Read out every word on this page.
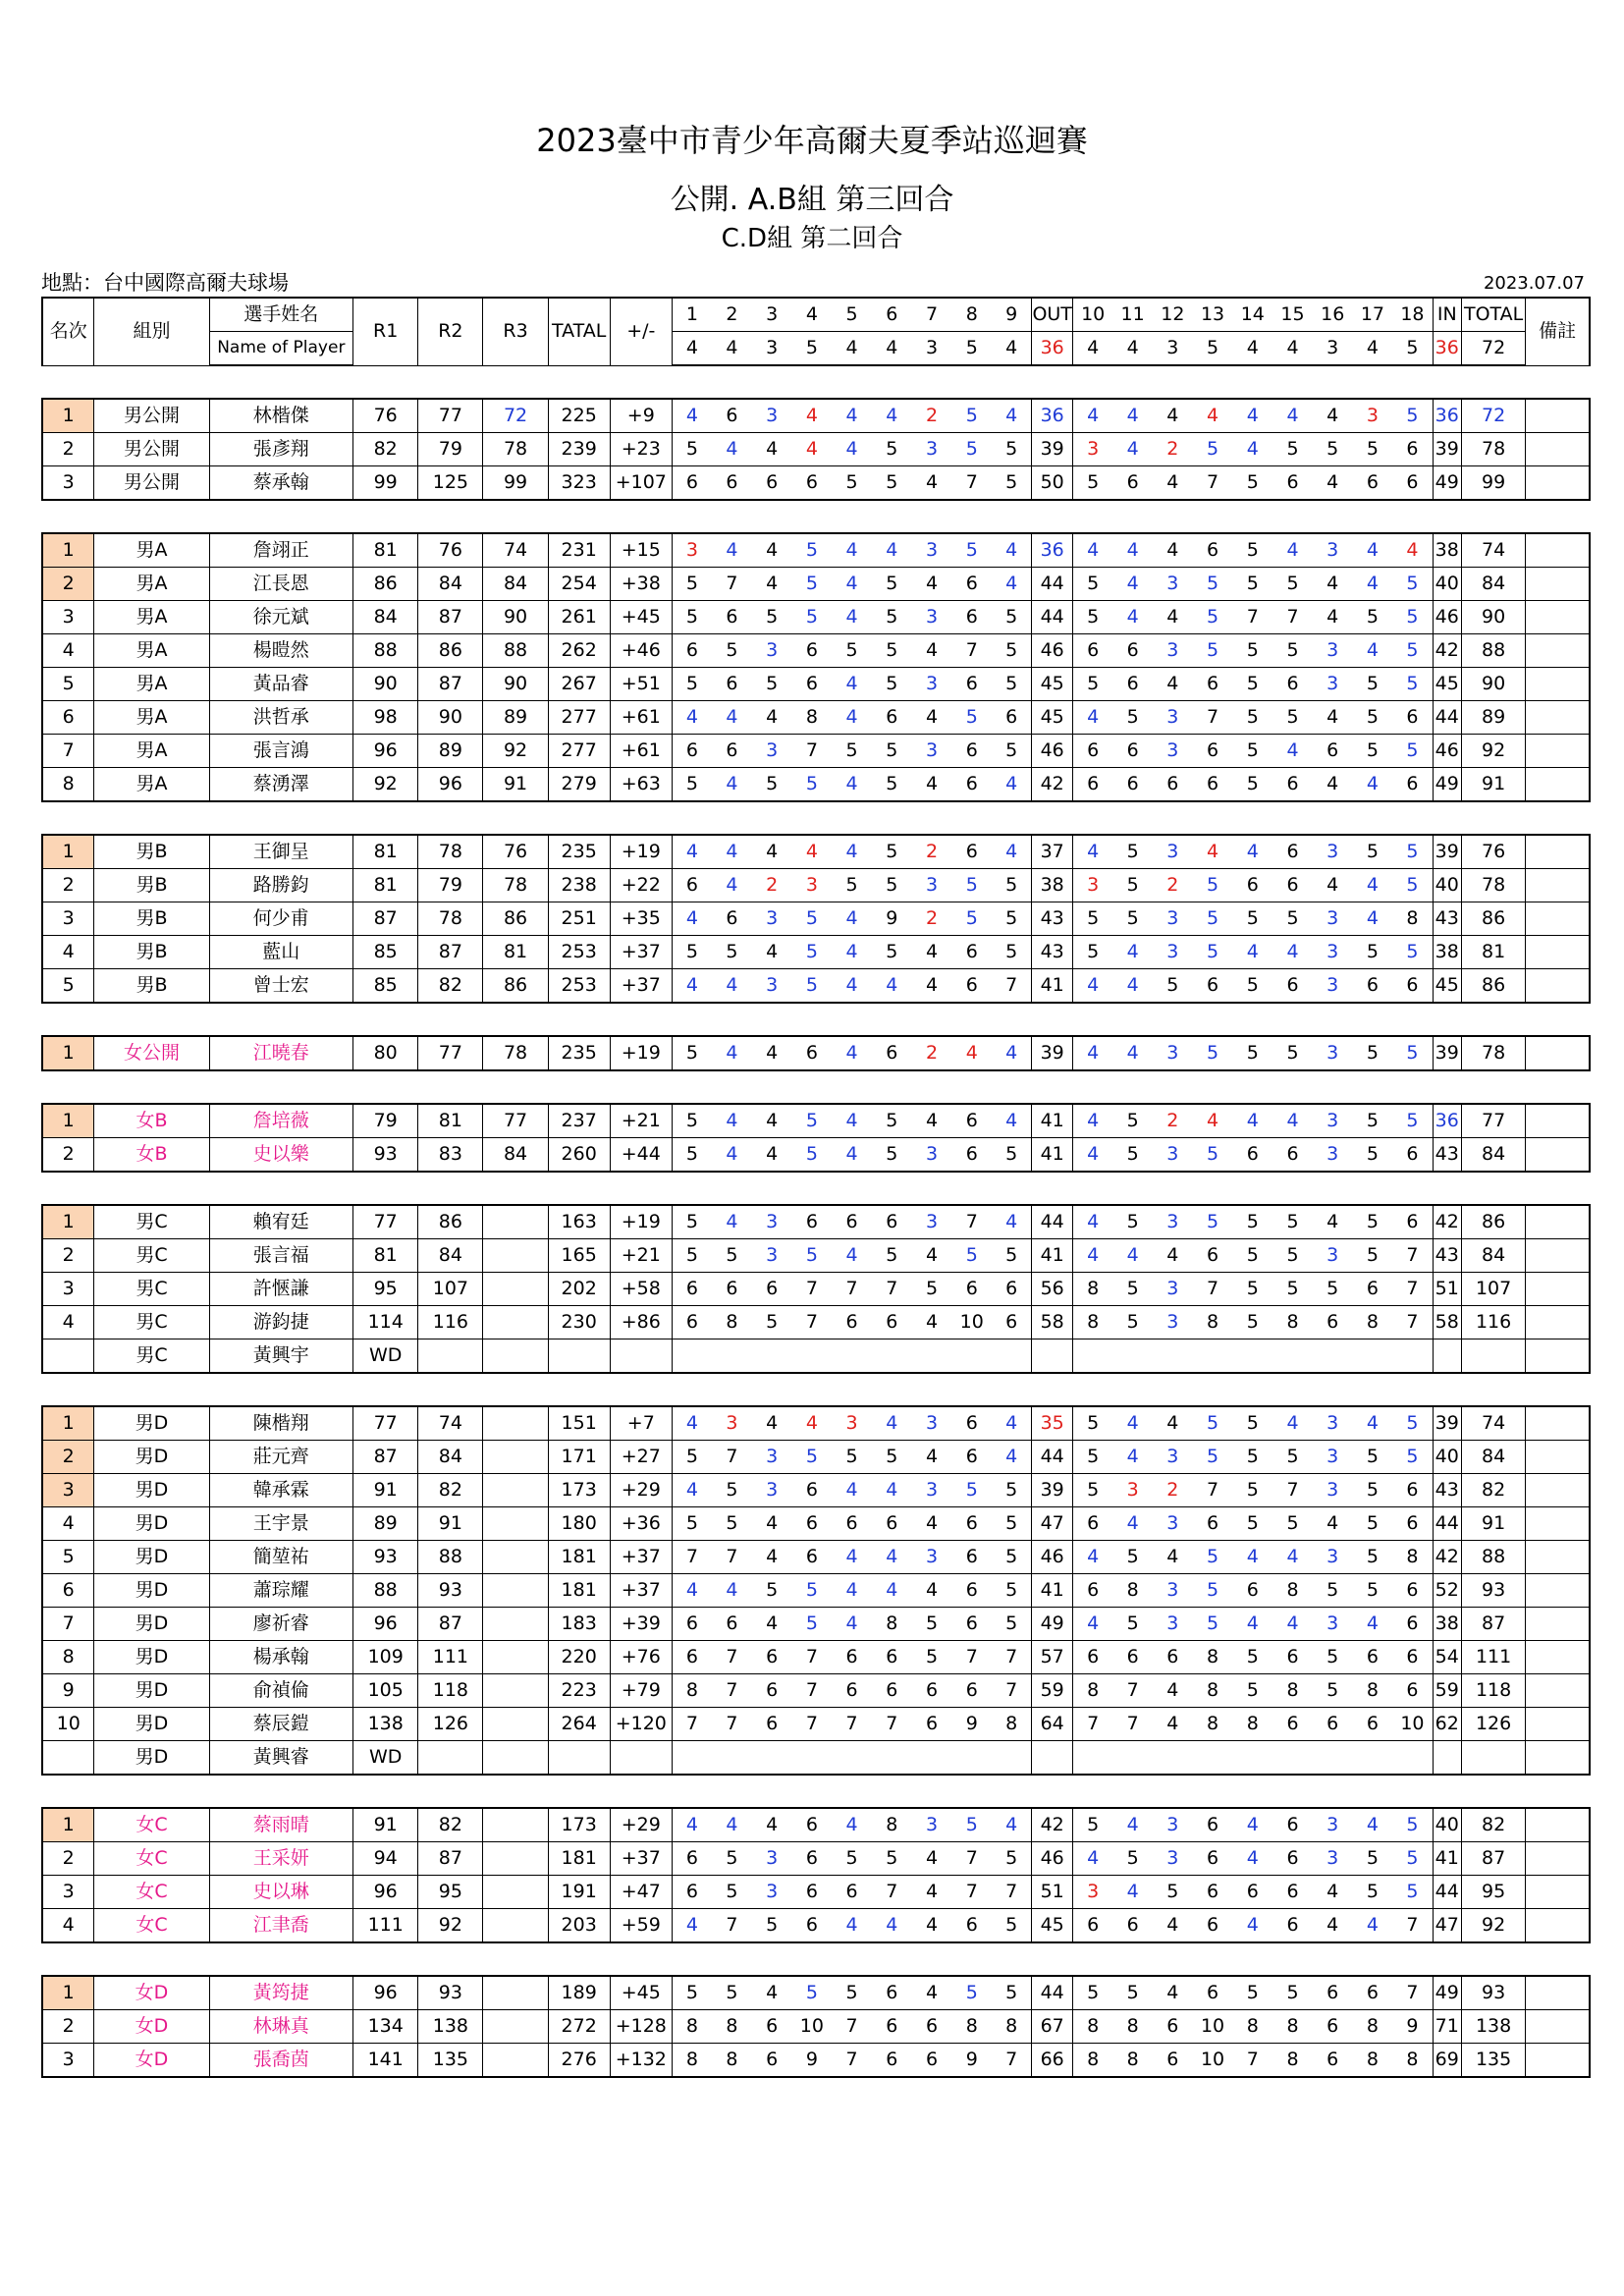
2023臺中市青少年高爾夫夏季站巡迴賽
公開. A.B組 第三回合
C.D組 第二回合
地點：台中國際高爾夫球場	2023.07.07
名次	組別	選手姓名	R1	R2	R3	TATAL	+/-	1	2	3	4	5	6	7	8	9	OUT	10	11	12	13	14	15	16	17	18	IN	TOTAL	備註
		Name of Player						4	4	3	5	4	4	3	5	4	36	4	4	3	5	4	4	3	4	5	36	72	

1	男公開	林楷傑	76	77	72	225	+9	4	6	3	4	4	4	2	5	4	36	4	4	4	4	4	4	4	3	5	36	72	
2	男公開	張彥翔	82	79	78	239	+23	5	4	4	4	4	5	3	5	5	39	3	4	2	5	4	5	5	5	6	39	78	
3	男公開	蔡承翰	99	125	99	323	+107	6	6	6	6	5	5	4	7	5	50	5	6	4	7	5	6	4	6	6	49	99	

1	男A	詹翊正	81	76	74	231	+15	3	4	4	5	4	4	3	5	4	36	4	4	4	6	5	4	3	4	4	38	74	
2	男A	江長恩	86	84	84	254	+38	5	7	4	5	4	5	4	6	4	44	5	4	3	5	5	5	4	4	5	40	84	
3	男A	徐元斌	84	87	90	261	+45	5	6	5	5	4	5	3	6	5	44	5	4	4	5	7	7	4	5	5	46	90	
4	男A	楊暟然	88	86	88	262	+46	6	5	3	6	5	5	4	7	5	46	6	6	3	5	5	5	3	4	5	42	88	
5	男A	黃品睿	90	87	90	267	+51	5	6	5	6	4	5	3	6	5	45	5	6	4	6	5	6	3	5	5	45	90	
6	男A	洪哲承	98	90	89	277	+61	4	4	4	8	4	6	4	5	6	45	4	5	3	7	5	5	4	5	6	44	89	
7	男A	張言鴻	96	89	92	277	+61	6	6	3	7	5	5	3	6	5	46	6	6	3	6	5	4	6	5	5	46	92	
8	男A	蔡湧澤	92	96	91	279	+63	5	4	5	5	4	5	4	6	4	42	6	6	6	6	5	6	4	4	6	49	91	

1	男B	王御呈	81	78	76	235	+19	4	4	4	4	4	5	2	6	4	37	4	5	3	4	4	6	3	5	5	39	76	
2	男B	路勝鈞	81	79	78	238	+22	6	4	2	3	5	5	3	5	5	38	3	5	2	5	6	6	4	4	5	40	78	
3	男B	何少甫	87	78	86	251	+35	4	6	3	5	4	9	2	5	5	43	5	5	3	5	5	5	3	4	8	43	86	
4	男B	藍山	85	87	81	253	+37	5	5	4	5	4	5	4	6	5	43	5	4	3	5	4	4	3	5	5	38	81	
5	男B	曾士宏	85	82	86	253	+37	4	4	3	5	4	4	4	6	7	41	4	4	5	6	5	6	3	6	6	45	86	

1	女公開	江曉春	80	77	78	235	+19	5	4	4	6	4	6	2	4	4	39	4	4	3	5	5	5	3	5	5	39	78	

1	女B	詹培薇	79	81	77	237	+21	5	4	4	5	4	5	4	6	4	41	4	5	2	4	4	4	3	5	5	36	77	
2	女B	史以樂	93	83	84	260	+44	5	4	4	5	4	5	3	6	5	41	4	5	3	5	6	6	3	5	6	43	84	

1	男C	賴宥廷	77	86		163	+19	5	4	3	6	6	6	3	7	4	44	4	5	3	5	5	5	4	5	6	42	86	
2	男C	張言福	81	84		165	+21	5	5	3	5	4	5	4	5	5	41	4	4	4	6	5	5	3	5	7	43	84	
3	男C	許愜謙	95	107		202	+58	6	6	6	7	7	7	5	6	6	56	8	5	3	7	5	5	5	6	7	51	107	
4	男C	游鈞捷	114	116		230	+86	6	8	5	7	6	6	4	10	6	58	8	5	3	8	5	8	6	8	7	58	116	
	男C	黃興宇	WD																										

1	男D	陳楷翔	77	74		151	+7	4	3	4	4	3	4	3	6	4	35	5	4	4	5	5	4	3	4	5	39	74	
2	男D	莊元齊	87	84		171	+27	5	7	3	5	5	5	4	6	4	44	5	4	3	5	5	5	3	5	5	40	84	
3	男D	韓承霖	91	82		173	+29	4	5	3	6	4	4	3	5	5	39	5	3	2	7	5	7	3	5	6	43	82	
4	男D	王宇景	89	91		180	+36	5	5	4	6	6	6	4	6	5	47	6	4	3	6	5	5	4	5	6	44	91	
5	男D	簡堃祐	93	88		181	+37	7	7	4	6	4	4	3	6	5	46	4	5	4	5	4	4	3	5	8	42	88	
6	男D	蕭琮耀	88	93		181	+37	4	4	5	5	4	4	4	6	5	41	6	8	3	5	6	8	5	5	6	52	93	
7	男D	廖祈睿	96	87		183	+39	6	6	4	5	4	8	5	6	5	49	4	5	3	5	4	4	3	4	6	38	87	
8	男D	楊承翰	109	111		220	+76	6	7	6	7	6	6	5	7	7	57	6	6	6	8	5	6	5	6	6	54	111	
9	男D	俞禎倫	105	118		223	+79	8	7	6	7	6	6	6	6	7	59	8	7	4	8	5	8	5	8	6	59	118	
10	男D	蔡辰鎧	138	126		264	+120	7	7	6	7	7	7	6	9	8	64	7	7	4	8	8	6	6	6	10	62	126	
	男D	黃興睿	WD																										

1	女C	蔡雨晴	91	82		173	+29	4	4	4	6	4	8	3	5	4	42	5	4	3	6	4	6	3	4	5	40	82	
2	女C	王采妍	94	87		181	+37	6	5	3	6	5	5	4	7	5	46	4	5	3	6	4	6	3	5	5	41	87	
3	女C	史以琳	96	95		191	+47	6	5	3	6	6	7	4	7	7	51	3	4	5	6	6	6	4	5	5	44	95	
4	女C	江聿喬	111	92		203	+59	4	7	5	6	4	4	4	6	5	45	6	6	4	6	4	6	4	4	7	47	92	

1	女D	黃筠捷	96	93		189	+45	5	5	4	5	5	6	4	5	5	44	5	5	4	6	5	5	6	6	7	49	93	
2	女D	林琳真	134	138		272	+128	8	8	6	10	7	6	6	8	8	67	8	8	6	10	8	8	6	8	9	71	138	
3	女D	張喬茵	141	135		276	+132	8	8	6	9	7	6	6	9	7	66	8	8	6	10	7	8	6	8	8	69	135	
